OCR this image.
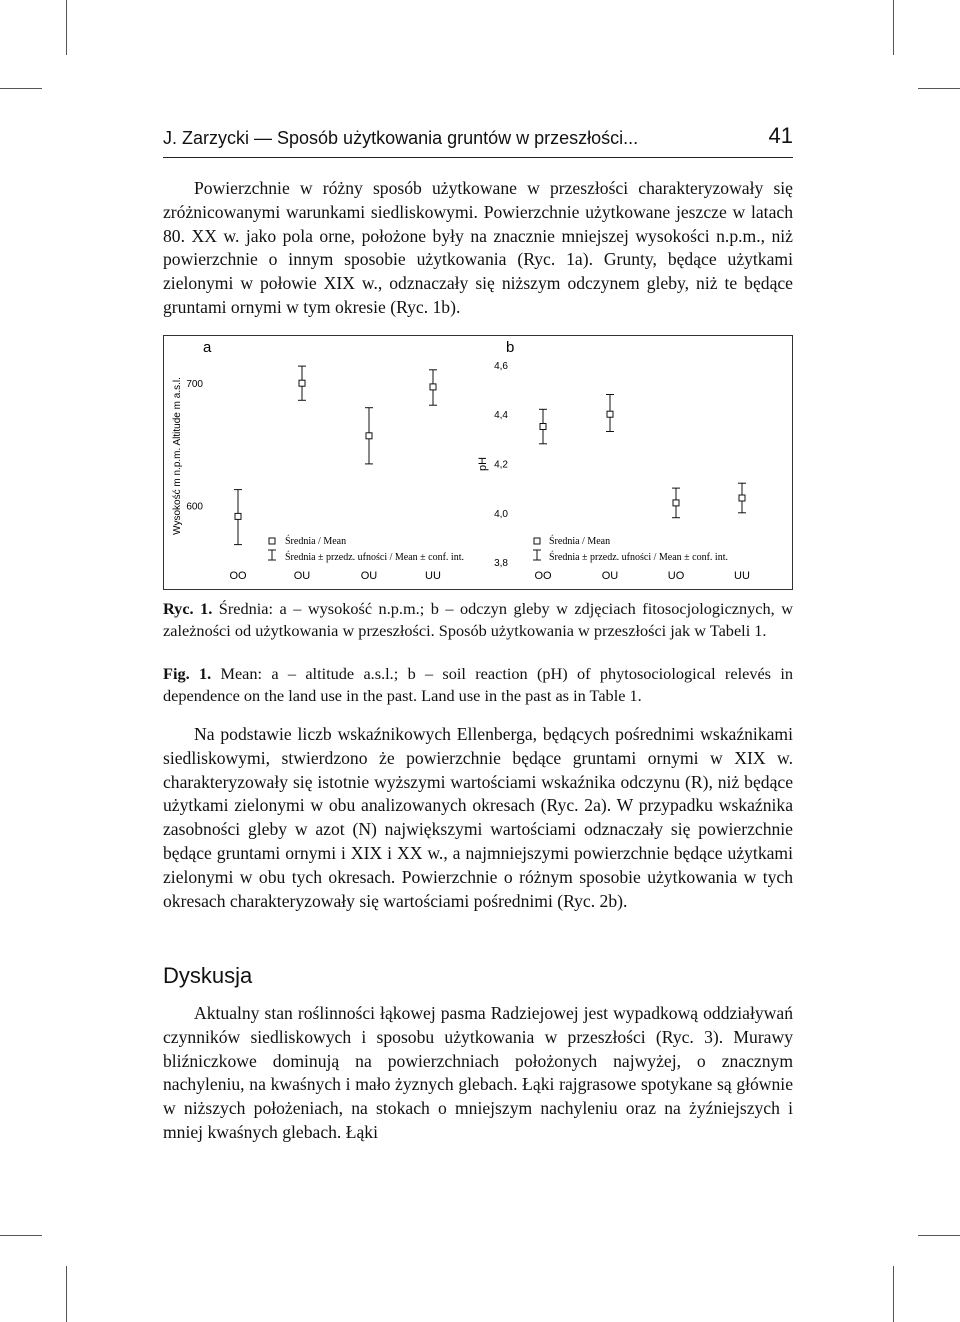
J. Zarzycki — Sposób użytkowania gruntów w przeszłości...	41

Powierzchnie w różny sposób użytkowane w przeszłości charakteryzowały się zróżnicowanymi warunkami siedliskowymi. Powierzchnie użytkowane jeszcze w latach 80. XX w. jako pola orne, położone były na znacznie mniejszej wysokości n.p.m., niż powierzchnie o innym sposobie użytkowania (Ryc. 1a). Grunty, będące użytkami zielonymi w połowie XIX w., odznaczały się niższym odczynem gleby, niż te będące gruntami ornymi w tym okresie (Ryc. 1b).

a
Wysokość m n.p.m. Altitude m a.s.l. 700
600
OO	OU	OU	UU
Średnia / Mean
Średnia ± przedz. ufności / Mean ± conf. int.
b
pH
4,6
4,4
4,2
4,0
3,8
OO	OU	UO	UU
Średnia / Mean
Średnia ± przedz. ufności / Mean ± conf. int.

Ryc. 1. Średnia: a – wysokość n.p.m.; b – odczyn gleby w zdjęciach fitosocjologicznych, w zależności od użytkowania w przeszłości. Sposób użytkowania w przeszłości jak w Tabeli 1.

Fig. 1. Mean: a – altitude a.s.l.; b – soil reaction (pH) of phytosociological relevés in dependence on the land use in the past. Land use in the past as in Table 1.

Na podstawie liczb wskaźnikowych Ellenberga, będących pośrednimi wskaźnikami siedliskowymi, stwierdzono że powierzchnie będące gruntami ornymi w XIX w. charakteryzowały się istotnie wyższymi wartościami wskaźnika odczynu (R), niż będące użytkami zielonymi w obu analizowanych okresach (Ryc. 2a). W przypadku wskaźnika zasobności gleby w azot (N) największymi wartościami odznaczały się powierzchnie będące gruntami ornymi i XIX i XX w., a najmniejszymi powierzchnie będące użytkami zielonymi w obu tych okresach. Powierzchnie o różnym sposobie użytkowania w tych okresach charakteryzowały się wartościami pośrednimi (Ryc. 2b).

Dyskusja

Aktualny stan roślinności łąkowej pasma Radziejowej jest wypadkową oddziaływań czynników siedliskowych i sposobu użytkowania w przeszłości (Ryc. 3). Murawy bliźniczkowe dominują na powierzchniach położonych najwyżej, o znacznym nachyleniu, na kwaśnych i mało żyznych glebach. Łąki rajgrasowe spotykane są głównie w niższych położeniach, na stokach o mniejszym nachyleniu oraz na żyźniejszych i mniej kwaśnych glebach. Łąki
